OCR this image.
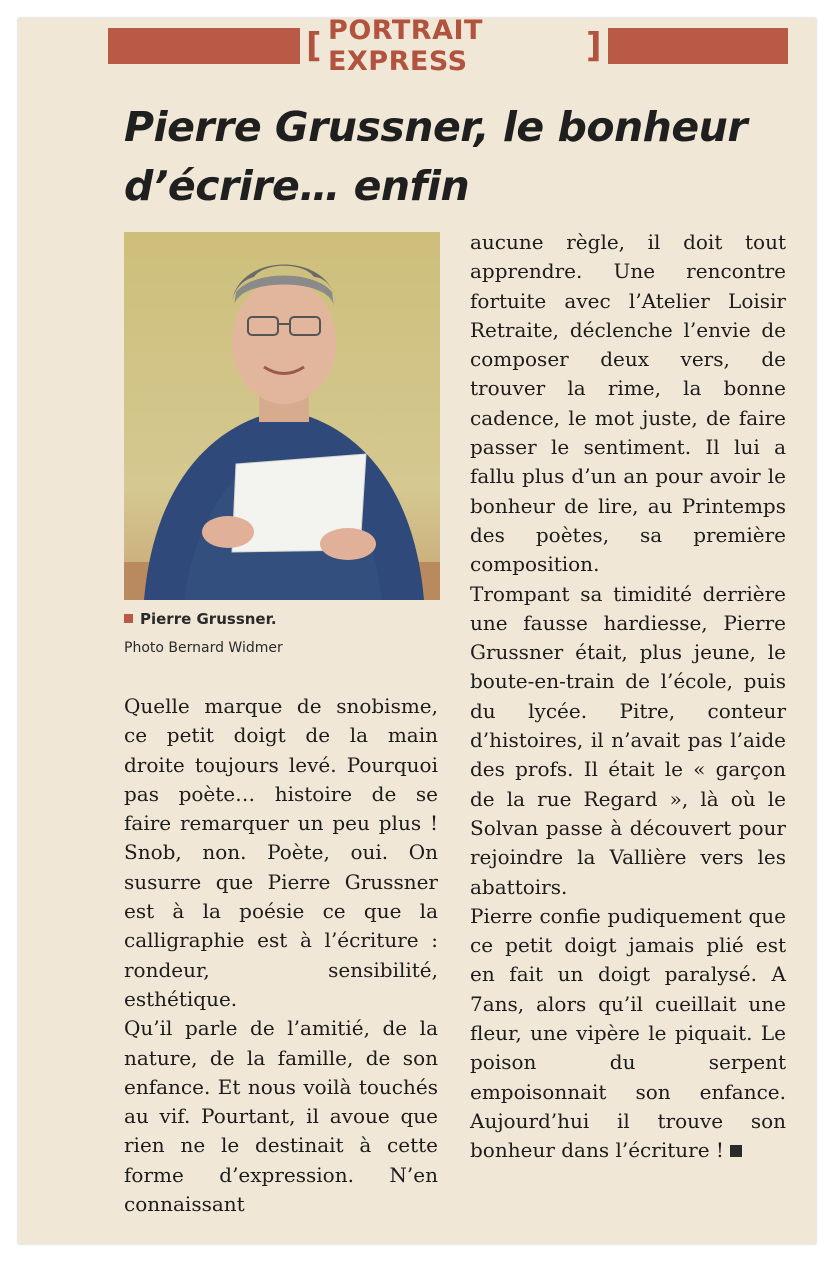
[ PORTRAIT EXPRESS	]
Pierre Grussner, le bonheur d’écrire… enfin
Pierre Grussner.
Photo Bernard Widmer

Quelle marque de snobisme, ce petit doigt de la main droite toujours levé. Pourquoi pas poète… histoire de se faire remarquer un peu plus ! Snob, non. Poète, oui. On susurre que Pierre Grussner est à la poésie ce que la calligraphie est à l’écriture : rondeur, sensibilité, esthétique.

Qu’il parle de l’amitié, de la nature, de la famille, de son enfance. Et nous voilà touchés au vif. Pourtant, il avoue que rien ne le destinait à cette forme d’expression. N’en connaissant

aucune règle, il doit tout apprendre. Une rencontre fortuite avec l’Atelier Loisir Retraite, déclenche l’envie de composer deux vers, de trouver la rime, la bonne cadence, le mot juste, de faire passer le sentiment. Il lui a fallu plus d’un an pour avoir le bonheur de lire, au Printemps des poètes, sa première composition.

Trompant sa timidité derrière une fausse hardiesse, Pierre Grussner était, plus jeune, le boute-en-train de l’école, puis du lycée. Pitre, conteur d’histoires, il n’avait pas l’aide des profs. Il était le « garçon de la rue Regard », là où le Solvan passe à découvert pour rejoindre la Vallière vers les abattoirs.

Pierre confie pudiquement que ce petit doigt jamais plié est en fait un doigt paralysé. A 7ans, alors qu’il cueillait une fleur, une vipère le piquait. Le poison du serpent empoisonnait son enfance. Aujourd’hui il trouve son bonheur dans l’écriture !
